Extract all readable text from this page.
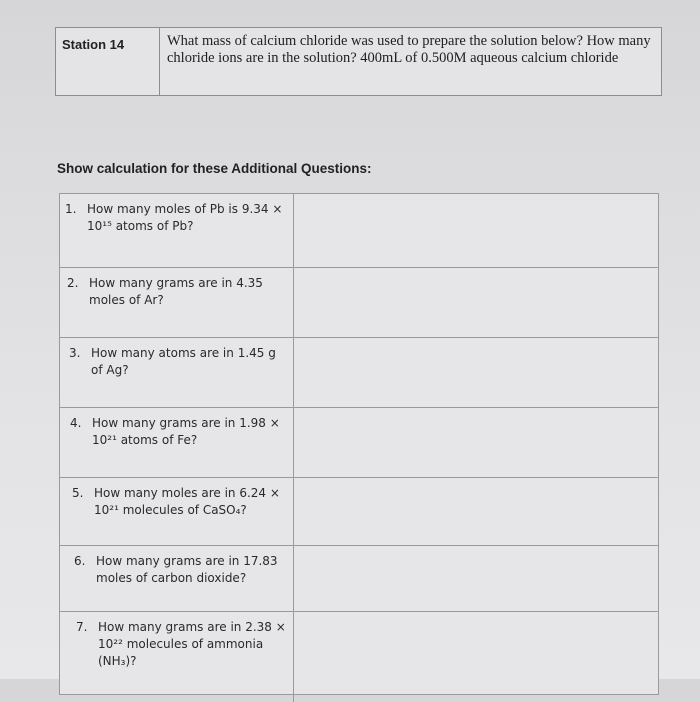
Station 14	What mass of calcium chloride was used to prepare the solution below? How many chloride ions are in the solution? 400mL of 0.500M aqueous calcium chloride
Show calculation for these Additional Questions:
1. How many moles of Pb is 9.34 × 10¹⁵ atoms of Pb?
2. How many grams are in 4.35 moles of Ar?
3. How many atoms are in 1.45 g of Ag?
4. How many grams are in 1.98 × 10²¹ atoms of Fe?
5. How many moles are in 6.24 × 10²¹ molecules of CaSO₄?
6. How many grams are in 17.83 moles of carbon dioxide?
7. How many grams are in 2.38 × 10²² molecules of ammonia (NH₃)?
